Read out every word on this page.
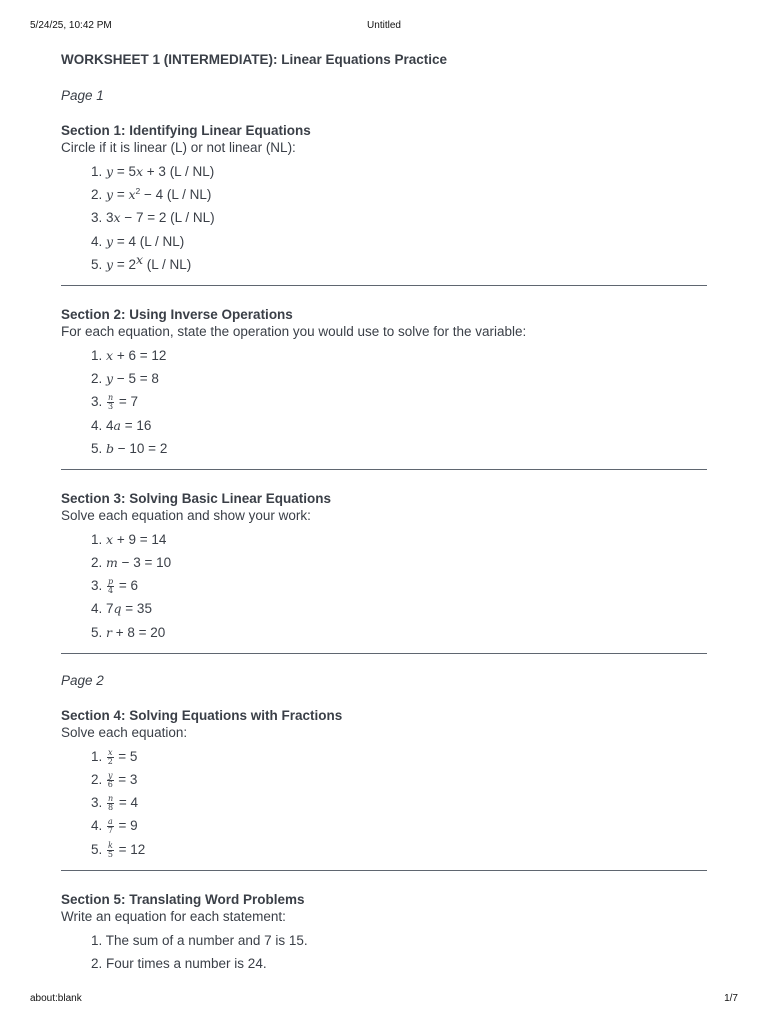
5/24/25, 10:42 PM	Untitled
WORKSHEET 1 (INTERMEDIATE): Linear Equations Practice
Page 1
Section 1: Identifying Linear Equations
Circle if it is linear (L) or not linear (NL):
1. y = 5x + 3 (L / NL)
2. $y = x^2 - 4$ (L / NL)
3. 3x − 7 = 2 (L / NL)
4. y = 4 (L / NL)
5. $y = 2^x$ (L / NL)
Section 2: Using Inverse Operations
For each equation, state the operation you would use to solve for the variable:
1. x + 6 = 12
2. y − 5 = 8
3. $\frac{n}{3} = 7$
4. 4a = 16
5. b − 10 = 2
Section 3: Solving Basic Linear Equations
Solve each equation and show your work:
1. x + 9 = 14
2. m − 3 = 10
3. $\frac{p}{4} = 6$
4. 7q = 35
5. r + 8 = 20
Page 2
Section 4: Solving Equations with Fractions
Solve each equation:
1. $\frac{x}{2} = 5$
2. $\frac{y}{6} = 3$
3. $\frac{n}{8} = 4$
4. $\frac{a}{7} = 9$
5. $\frac{k}{5} = 12$
Section 5: Translating Word Problems
Write an equation for each statement:
1. The sum of a number and 7 is 15.
2. Four times a number is 24.
about:blank	1/7
